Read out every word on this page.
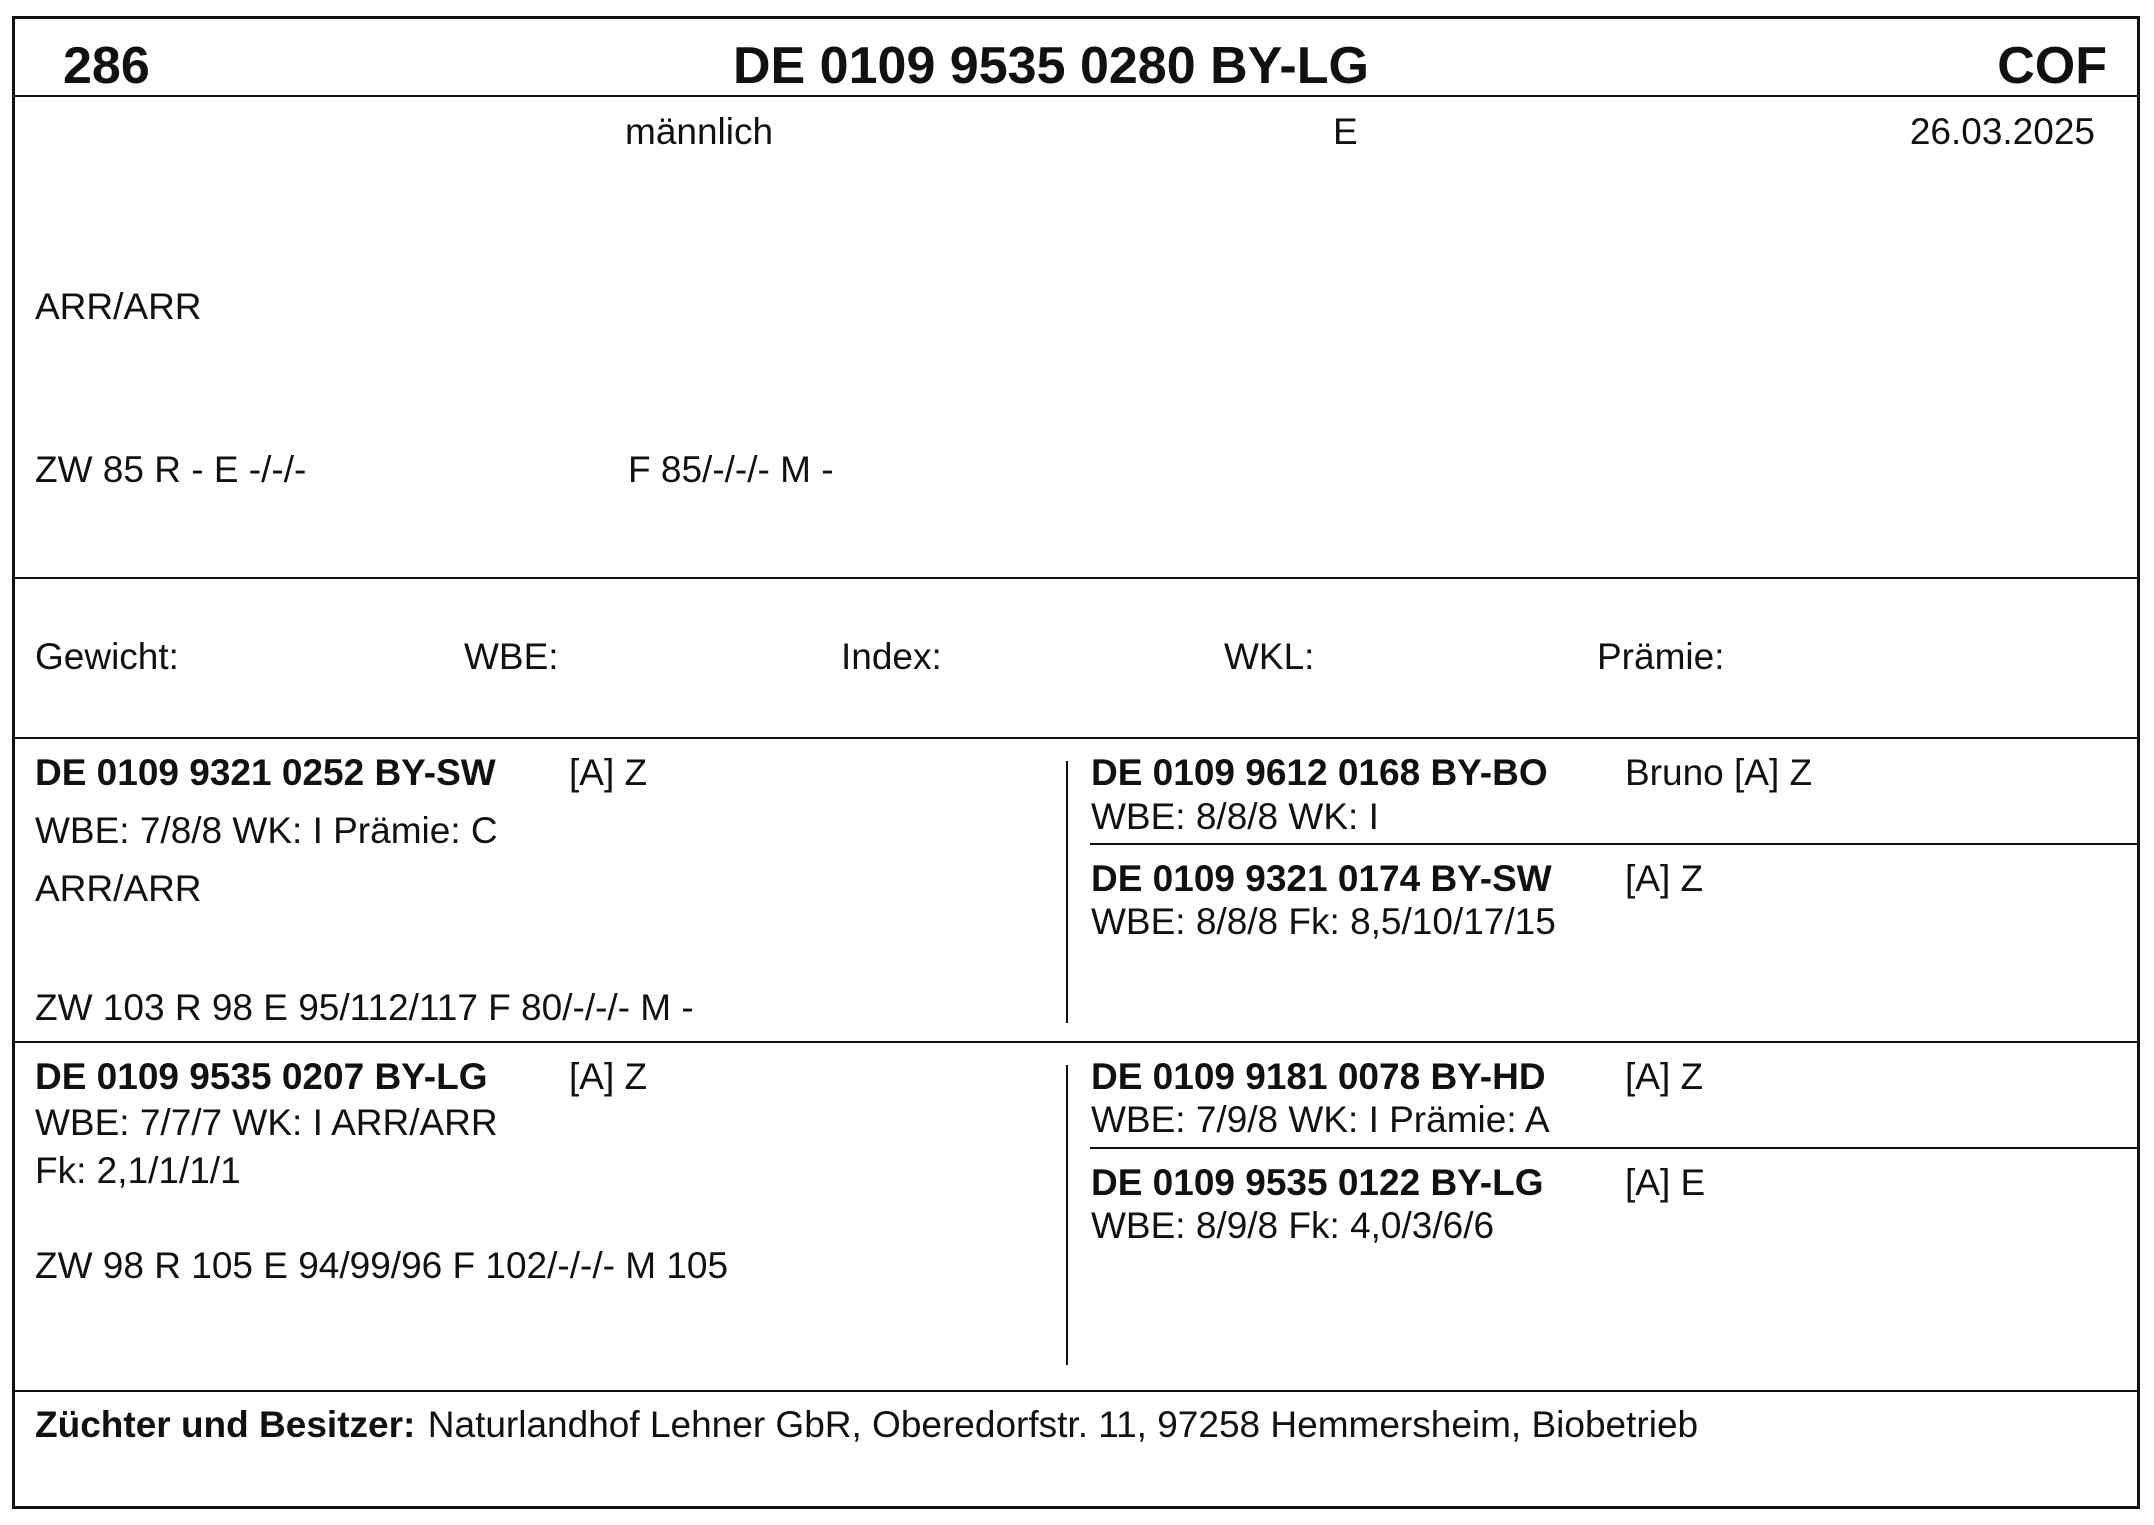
286	DE 0109 9535 0280 BY-LG	COF
männlich	E	26.03.2025
ARR/ARR
ZW 85 R - E -/-/-	F 85/-/-/- M -
Gewicht:	WBE:	Index:	WKL:	Prämie:
DE 0109 9321 0252 BY-SW [A] Z
WBE: 7/8/8 WK: I Prämie: C
ARR/ARR
ZW 103 R 98 E 95/112/117 F 80/-/-/- M -
DE 0109 9612 0168 BY-BO Bruno [A] Z
WBE: 8/8/8 WK: I
DE 0109 9321 0174 BY-SW [A] Z
WBE: 8/8/8 Fk: 8,5/10/17/15
DE 0109 9535 0207 BY-LG [A] Z
WBE: 7/7/7 WK: I ARR/ARR
Fk: 2,1/1/1/1
ZW 98 R 105 E 94/99/96 F 102/-/-/- M 105
DE 0109 9181 0078 BY-HD [A] Z
WBE: 7/9/8 WK: I Prämie: A
DE 0109 9535 0122 BY-LG [A] E
WBE: 8/9/8 Fk: 4,0/3/6/6
Züchter und Besitzer: Naturlandhof Lehner GbR, Oberedorfstr. 11, 97258 Hemmersheim, Biobetrieb
